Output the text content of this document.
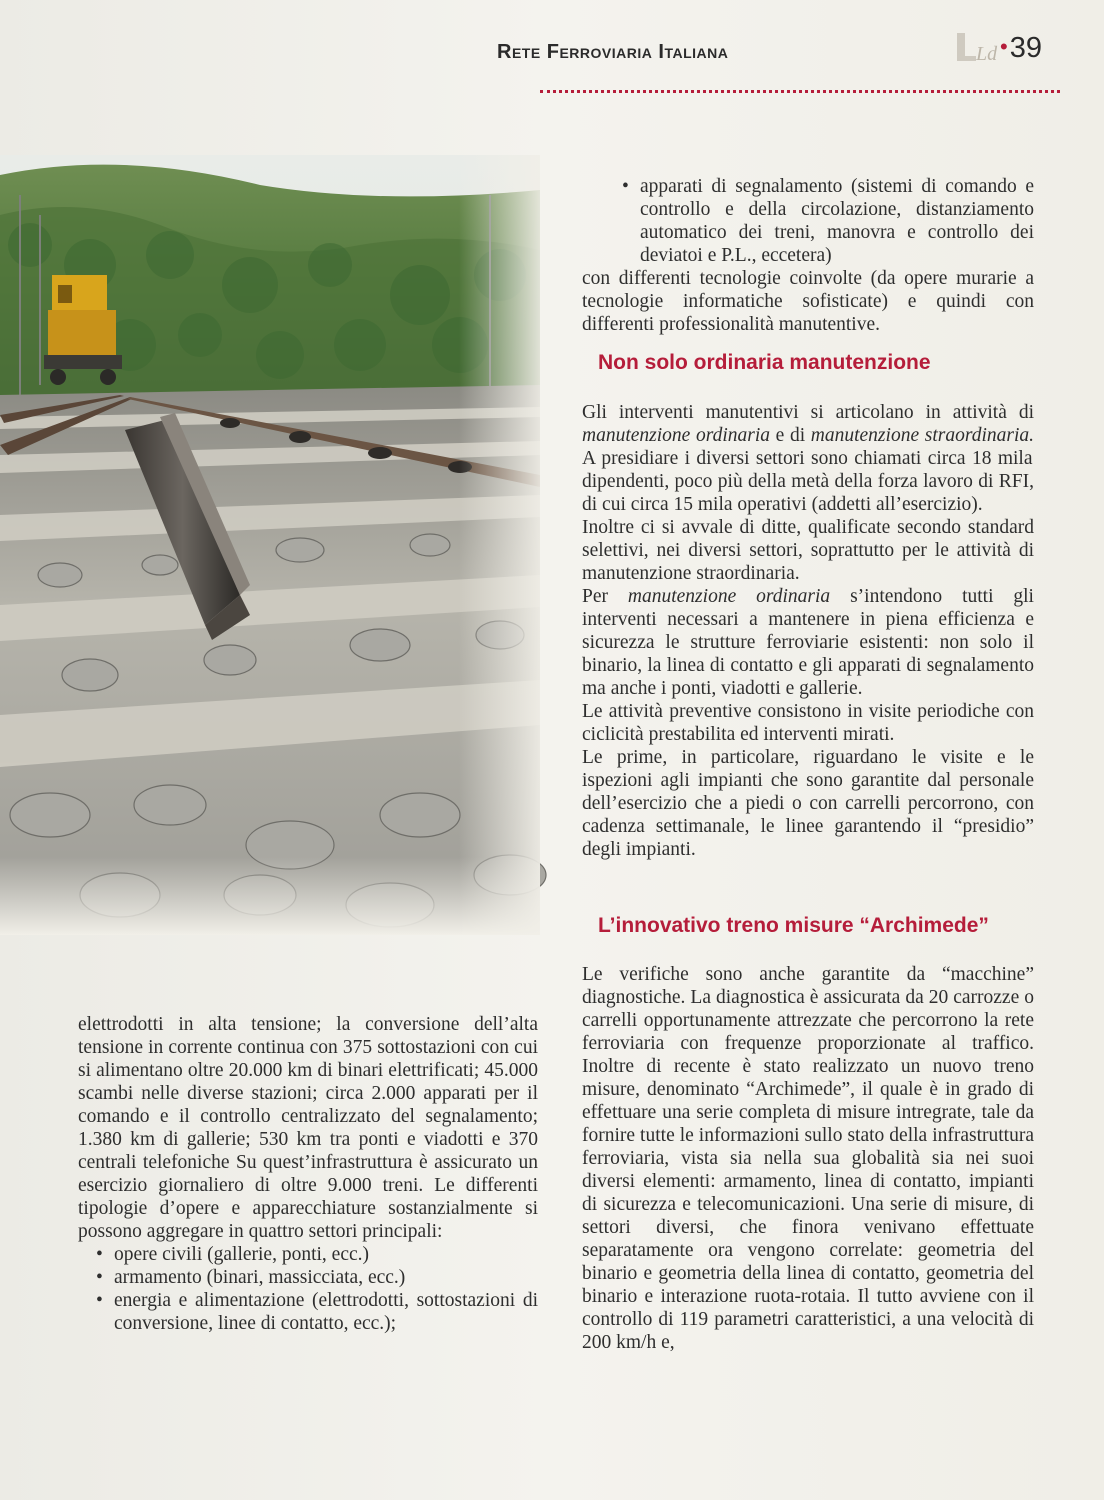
Rete Ferroviaria Italiana	Ld •39
• apparati di segnalamento (sistemi di comando e controllo e della circolazione, distanziamento automatico dei treni, manovra e controllo dei deviatoi e P.L., eccetera)

con differenti tecnologie coinvolte (da opere murarie a tecnologie informatiche sofisticate) e quindi con differenti professionalità manutentive.

Non solo ordinaria manutenzione

Gli interventi manutentivi si articolano in attività di manutenzione ordinaria e di manutenzione straordinaria. A presidiare i diversi settori sono chiamati circa 18 mila dipendenti, poco più della metà della forza lavoro di RFI, di cui circa 15 mila operativi (addetti all’esercizio).

Inoltre ci si avvale di ditte, qualificate secondo standard selettivi, nei diversi settori, soprattutto per le attività di manutenzione straordinaria.

Per manutenzione ordinaria s’intendono tutti gli interventi necessari a mantenere in piena efficienza e sicurezza le strutture ferroviarie esistenti: non solo il binario, la linea di contatto e gli apparati di segnalamento ma anche i ponti, viadotti e gallerie.

Le attività preventive consistono in visite periodiche con ciclicità prestabilita ed interventi mirati.

Le prime, in particolare, riguardano le visite e le ispezioni agli impianti che sono garantite dal personale dell’esercizio che a piedi o con carrelli percorrono, con cadenza settimanale, le linee garantendo il “presidio” degli impianti.

L’innovativo treno misure “Archimede”

Le verifiche sono anche garantite da “macchine” diagnostiche. La diagnostica è assicurata da 20 carrozze o carrelli opportunamente attrezzate che percorrono la rete ferroviaria con frequenze proporzionate al traffico. Inoltre di recente è stato realizzato un nuovo treno misure, denominato “Archimede”, il quale è in grado di effettuare una serie completa di misure intregrate, tale da fornire tutte le informazioni sullo stato della infrastruttura ferroviaria, vista sia nella sua globalità sia nei suoi diversi elementi: armamento, linea di contatto, impianti di sicurezza e telecomunicazioni. Una serie di misure, di settori diversi, che finora venivano effettuate separatamente ora vengono correlate: geometria del binario e geometria della linea di contatto, geometria del binario e interazione ruota-rotaia. Il tutto avviene con il controllo di 119 parametri caratteristici, a una velocità di 200 km/h e,

elettrodotti in alta tensione; la conversione dell’alta tensione in corrente continua con 375 sottostazioni con cui si alimentano oltre 20.000 km di binari elettrificati; 45.000 scambi nelle diverse stazioni; circa 2.000 apparati per il comando e il controllo centralizzato del segnalamento; 1.380 km di gallerie; 530 km tra ponti e viadotti e 370 centrali telefoniche Su quest’infrastruttura è assicurato un esercizio giornaliero di oltre 9.000 treni. Le differenti tipologie d’opere e apparecchiature sostanzialmente si possono aggregare in quattro settori principali:

• opere civili (gallerie, ponti, ecc.)
• armamento (binari, massicciata, ecc.)
• energia e alimentazione (elettrodotti, sottostazioni di conversione, linee di contatto, ecc.);
